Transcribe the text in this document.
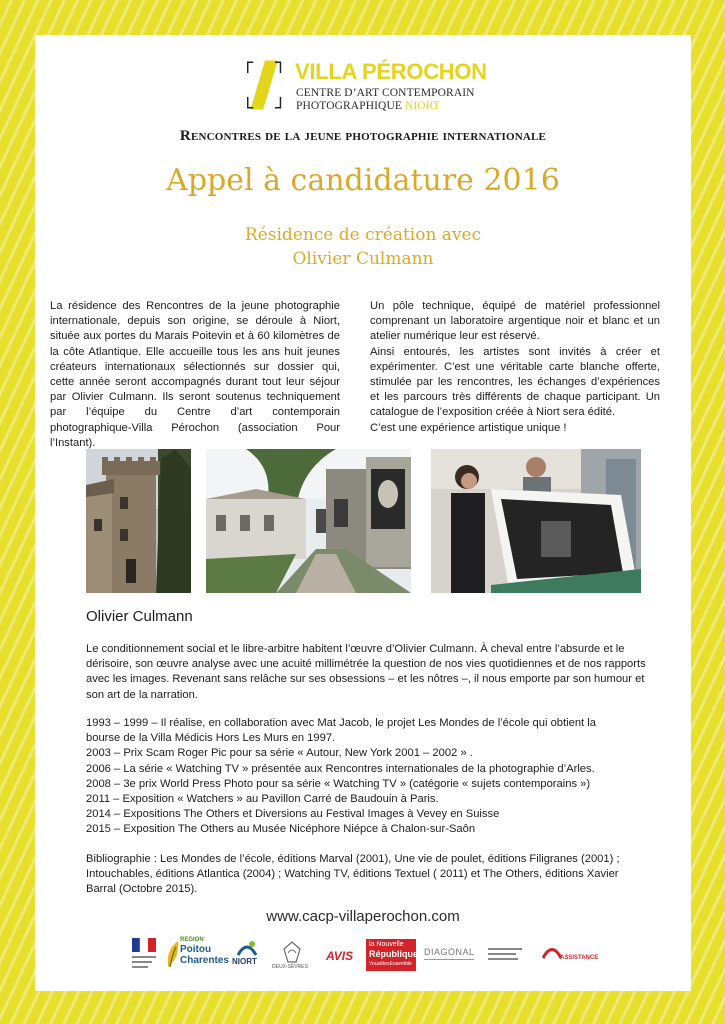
VILLA PÉROCHON
CENTRE D’ART CONTEMPORAIN
PHOTOGRAPHIQUE NIORT
Rencontres de la jeune photographie internationale
Appel à candidature 2016
Résidence de création avec
Olivier Culmann
La résidence des Rencontres de la jeune photographie internationale, depuis son origine, se déroule à Niort, située aux portes du Marais Poitevin et à 60 kilomètres de la côte Atlantique. Elle accueille tous les ans huit jeunes créateurs internationaux sélectionnés sur dossier qui, cette année seront accompagnés durant tout leur séjour par Olivier Culmann. Ils seront soutenus techniquement par l’équipe du Centre d’art contemporain photographique-Villa Pérochon (association Pour l’Instant).
Un pôle technique, équipé de matériel professionnel comprenant un laboratoire argentique noir et blanc et un atelier numérique leur est réservé.
Ainsi entourés, les artistes sont invités à créer et expérimenter. C’est une véritable carte blanche offerte, stimulée par les rencontres, les échanges d’expériences et les parcours très différents de chaque participant. Un catalogue de l’exposition créée à Niort sera édité.
C’est une expérience artistique unique !
Olivier Culmann
Le conditionnement social et le libre-arbitre habitent l’œuvre d’Olivier Culmann. À cheval entre l’absurde et le dérisoire, son œuvre analyse avec une acuité millimétrée la question de nos vies quotidiennes et de nos rapports avec les images. Revenant sans relâche sur ses obsessions – et les nôtres –, il nous emporte par son humour et son art de la narration.
1993 – 1999 – Il réalise, en collaboration avec Mat Jacob, le projet Les Mondes de l’école qui obtient la
bourse de la Villa Médicis Hors Les Murs en 1997.
2003 – Prix Scam Roger Pic pour sa série « Autour, New York 2001 – 2002 » .
2006 – La série « Watching TV » présentée aux Rencontres internationales de la photographie d’Arles.
2008 – 3e prix World Press Photo pour sa série « Watching TV » (catégorie « sujets contemporains »)
2011 – Exposition « Watchers » au Pavillon Carré de Baudouin à Paris.
2014 – Expositions The Others et Diversions au Festival Images à Vevey en Suisse
2015 – Exposition The Others au Musée Nicéphore Niépce à Chalon-sur-Saôn
Bibliographie : Les Mondes de l’école, éditions Marval (2001), Une vie de poulet, éditions Filigranes (2001) ; Intouchables, éditions Atlantica (2004) ; Watching TV, éditions Textuel ( 2011) et The Others, éditions Xavier Barral (Octobre 2015).
www.cacp-villaperochon.com
REGION
Poitou
Charentes NIORT
DEUX-SÈVRES
AVIS
la Nouvelle
République
VousêtesEnsemble
DIAGONAL
ASSISTANCE
